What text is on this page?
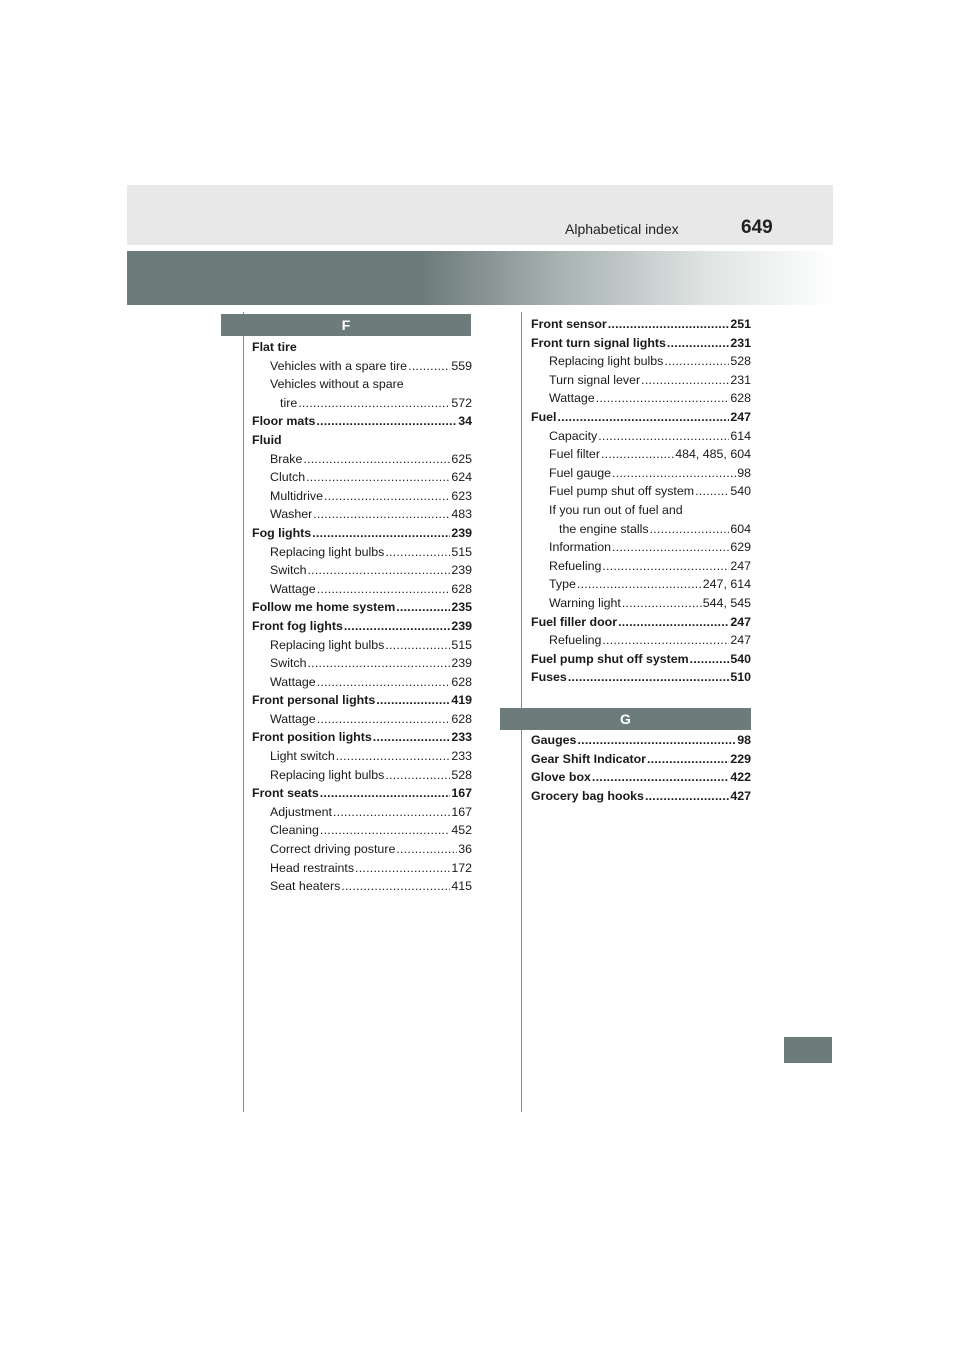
Alphabetical index	649
F
Flat tire
Vehicles with a spare tire . . .	559
Vehicles without a spare
tire . . .	572
Floor mats . . .	34
Fluid
Brake . . .	625
Clutch . . .	624
Multidrive . . .	623
Washer . . .	483
Fog lights . . .	239
Replacing light bulbs . . .	515
Switch . . .	239
Wattage . . .	628
Follow me home system . . .	235
Front fog lights . . .	239
Replacing light bulbs . . .	515
Switch . . .	239
Wattage . . .	628
Front personal lights . . .	419
Wattage . . .	628
Front position lights . . .	233
Light switch . . .	233
Replacing light bulbs . . .	528
Front seats . . .	167
Adjustment . . .	167
Cleaning . . .	452
Correct driving posture . . .	36
Head restraints . . .	172
Seat heaters . . .	415
Front sensor . . .	251
Front turn signal lights . . .	231
Replacing light bulbs . . .	528
Turn signal lever . . .	231
Wattage . . .	628
Fuel . . .	247
Capacity . . .	614
Fuel filter . . .	484, 485, 604
Fuel gauge . . .	98
Fuel pump shut off system . . .	540
If you run out of fuel and
the engine stalls . . .	604
Information . . .	629
Refueling . . .	247
Type . . .	247, 614
Warning light . . .	544, 545
Fuel filler door . . .	247
Refueling . . .	247
Fuel pump shut off system . . .	540
Fuses . . .	510
G
Gauges . . .	98
Gear Shift Indicator . . .	229
Glove box . . .	422
Grocery bag hooks . . .	427
